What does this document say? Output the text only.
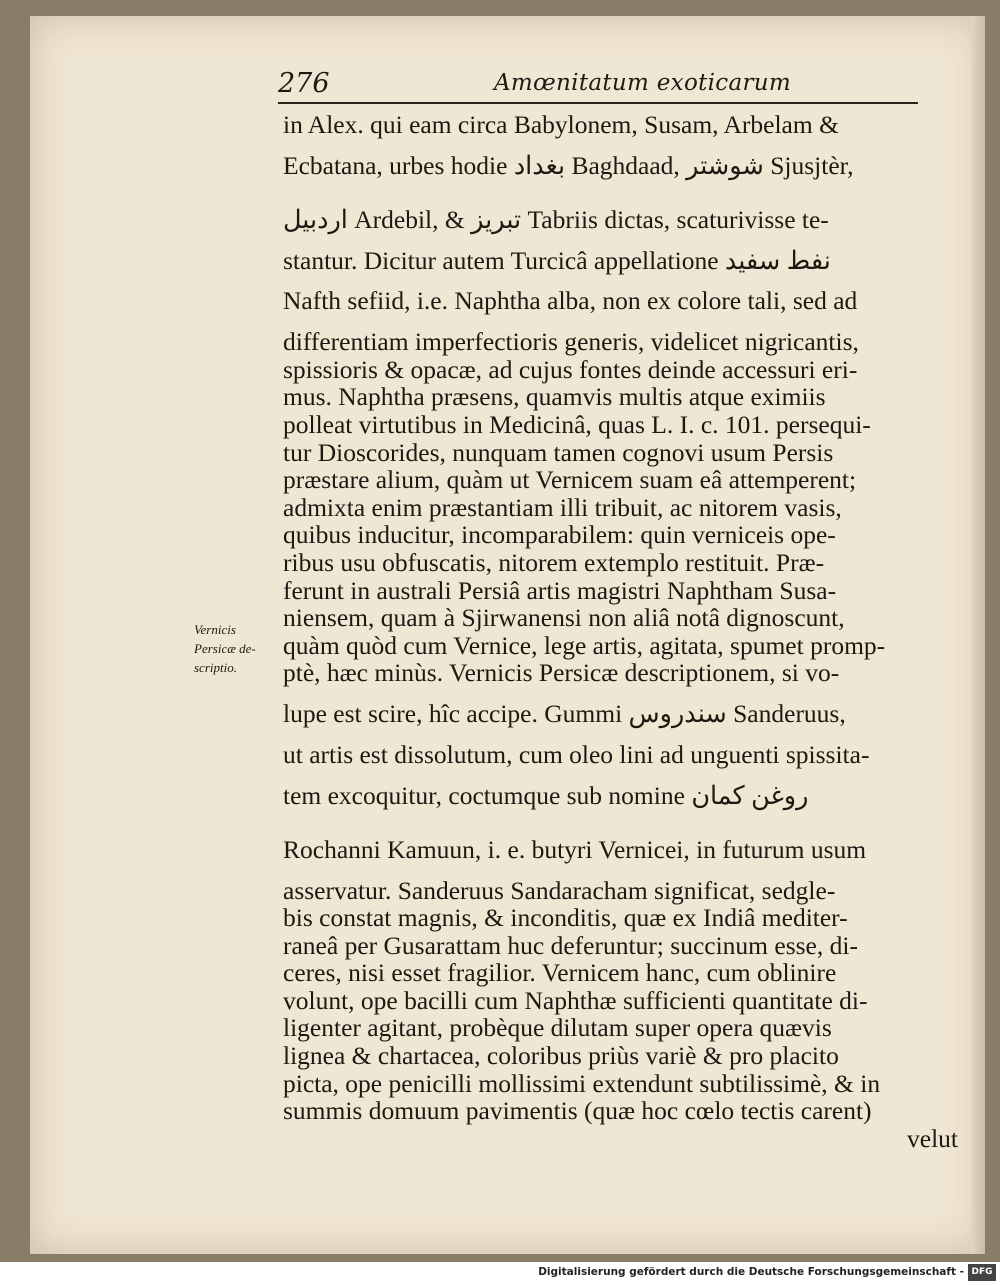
276	Amœnitatum exoticarum
Vernicis
Persicæ de-
scriptio.
in Alex. qui eam circa Babylonem, Susam, Arbelam &
Ecbatana, urbes hodie بغداد Baghdaad, شوشتر Sjusjtèr,
اردبيل Ardebil, & تبريز Tabriis dictas, scaturivisse te-
stantur. Dicitur autem Turcicâ appellatione نفط سفيد
Nafth sefiid, i.e. Naphtha alba, non ex colore tali, sed ad
differentiam imperfectioris generis, videlicet nigricantis,
spissioris & opacæ, ad cujus fontes deinde accessuri eri-
mus. Naphtha præsens, quamvis multis atque eximiis
polleat virtutibus in Medicinâ, quas L. I. c. 101. persequi-
tur Dioscorides, nunquam tamen cognovi usum Persis
præstare alium, quàm ut Vernicem suam eâ attemperent;
admixta enim præstantiam illi tribuit, ac nitorem vasis,
quibus inducitur, incomparabilem: quin verniceis ope-
ribus usu obfuscatis, nitorem extemplo restituit. Præ-
ferunt in australi Persiâ artis magistri Naphtham Susa-
niensem, quam à Sjirwanensi non aliâ notâ dignoscunt,
quàm quòd cum Vernice, lege artis, agitata, spumet promp-
ptè, hæc minùs. Vernicis Persicæ descriptionem, si vo-
lupe est scire, hîc accipe. Gummi سندروس Sanderuus,
ut artis est dissolutum, cum oleo lini ad unguenti spissita-
tem excoquitur, coctumque sub nomine روغن كمان
Rochanni Kamuun, i. e. butyri Vernicei, in futurum usum
asservatur. Sanderuus Sandaracham significat, sedgle-
bis constat magnis, & inconditis, quæ ex Indiâ mediter-
raneâ per Gusarattam huc deferuntur; succinum esse, di-
ceres, nisi esset fragilior. Vernicem hanc, cum oblinire
volunt, ope bacilli cum Naphthæ sufficienti quantitate di-
ligenter agitant, probèque dilutam super opera quævis
lignea & chartacea, coloribus priùs variè & pro placito
picta, ope penicilli mollissimi extendunt subtilissimè, & in
summis domuum pavimentis (quæ hoc cœlo tectis carent)
velut
Digitalisierung gefördert durch die Deutsche Forschungsgemeinschaft - DFG
